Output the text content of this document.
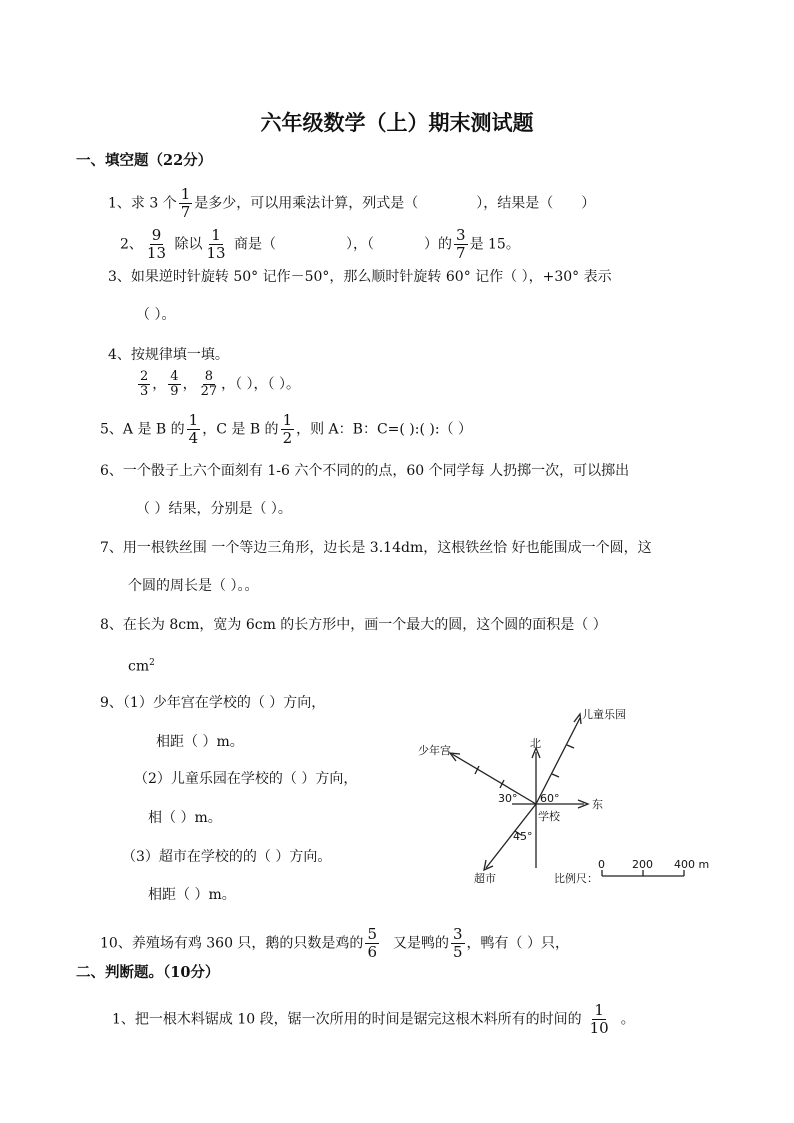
六年级数学（上）期末测试题
一、填空题（22分）
1、求 3 个 $\frac{1}{7}$ 是多少，可以用乘法计算，列式是（	），结果是（ ）
2、 $\frac{9}{13}$ 除以 $\frac{1}{13}$ 商是（	），（	）的 $\frac{3}{7}$ 是 15。
3、如果逆时针旋转 50° 记作－50°，那么顺时针旋转 60° 记作（ ），+30° 表示
（ ）。
4、按规律填一填。
$\frac{2}{3}$ ， $\frac{4}{9}$ ， $\frac{8}{27}$ ，（ ），（ ）。
5、A 是 B 的 $\frac{1}{4}$ ，C 是 B 的 $\frac{1}{2}$ ，则 A：B：C=( ):( ):（ ）
6、一个骰子上六个面刻有 1-6 六个不同的的点，60 个同学每 人扔掷一次，可以掷出
（ ）结果，分别是（ ）。
7、用一根铁丝围 一个等边三角形，边长是 3.14dm，这根铁丝恰 好也能围成一个圆，这
个圆的周长是（ ）。。
8、在长为 8cm，宽为 6cm 的长方形中，画一个最大的圆，这个圆的面积是（ ）
$cm^2$
9、（1）少年宫在学校的（ ）方向，
相距（ ）m。
（2）儿童乐园在学校的（ ）方向，
相（ ）m。
（3）超市在学校的的（ ）方向。
相距（ ）m。
北
东
学校
少年宫
儿童乐园
超市
30° 60°
45°
比例尺：
0 200 400 m
10、养殖场有鸡 360 只，鹅的只数是鸡的 $\frac{5}{6}$ 又是鸭的 $\frac{3}{5}$ ，鸭有（ ）只，
二、判断题。（10分）
1、把一根木料锯成 10 段，锯一次所用的时间是锯完这根木料所有的时间的 $\frac{1}{10}$ 。
